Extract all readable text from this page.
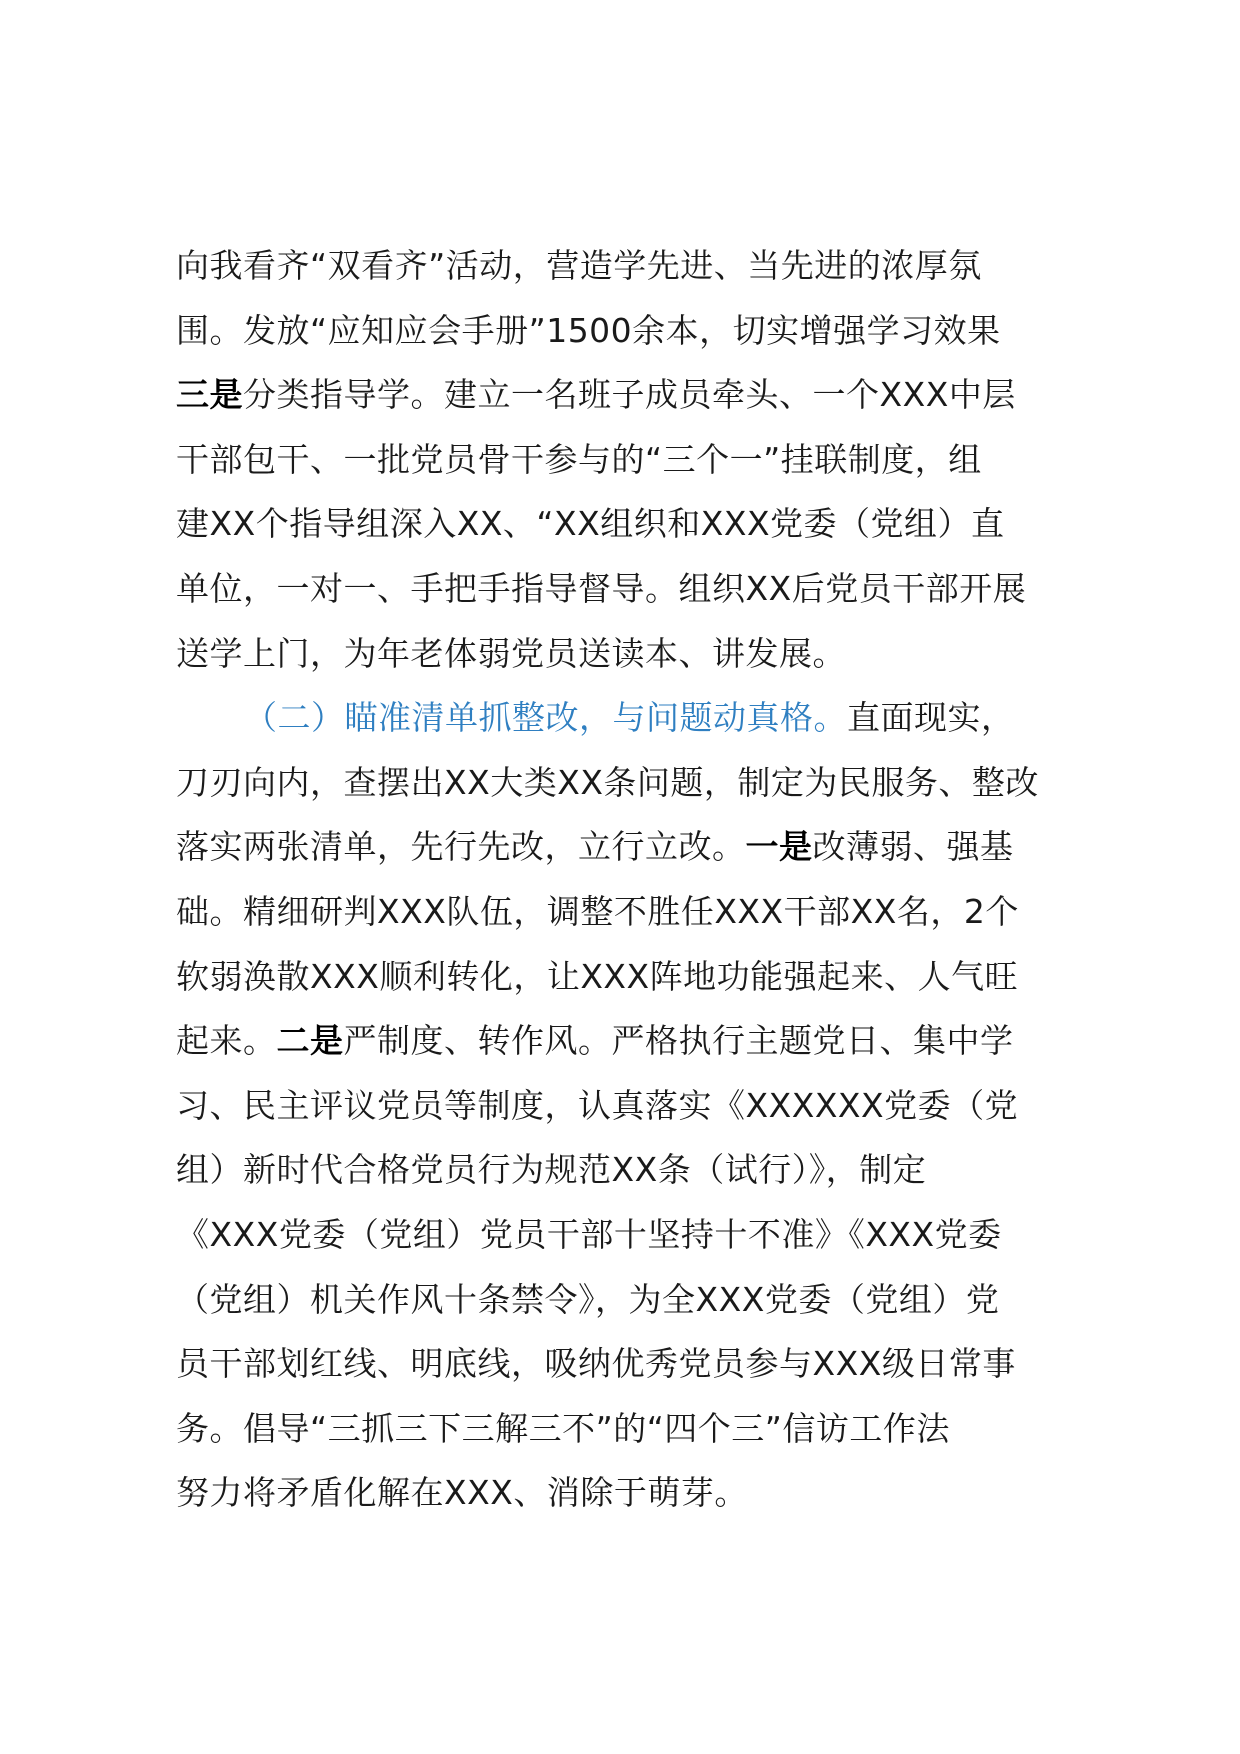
向我看齐“双看齐”活动，营造学先进、当先进的浓厚氛
围。发放“应知应会手册”1500余本，切实增强学习效果
三是分类指导学。建立一名班子成员牵头、一个XXX中层
干部包干、一批党员骨干参与的“三个一”挂联制度，组
建XX个指导组深入XX、“XX组织和XXX党委（党组）直
单位，一对一、手把手指导督导。组织XX后党员干部开展
送学上门，为年老体弱党员送读本、讲发展。
（二）瞄准清单抓整改，与问题动真格。直面现实，
刀刃向内，查摆出XX大类XX条问题，制定为民服务、整改
落实两张清单，先行先改，立行立改。一是改薄弱、强基
础。精细研判XXX队伍，调整不胜任XXX干部XX名，2个
软弱涣散XXX顺利转化，让XXX阵地功能强起来、人气旺
起来。二是严制度、转作风。严格执行主题党日、集中学
习、民主评议党员等制度，认真落实《XXXXXX党委（党
组）新时代合格党员行为规范XX条（试行）》，制定
《XXX党委（党组）党员干部十坚持十不准》《XXX党委
（党组）机关作风十条禁令》，为全XXX党委（党组）党
员干部划红线、明底线，吸纳优秀党员参与XXX级日常事
务。倡导“三抓三下三解三不”的“四个三”信访工作法
努力将矛盾化解在XXX、消除于萌芽。
